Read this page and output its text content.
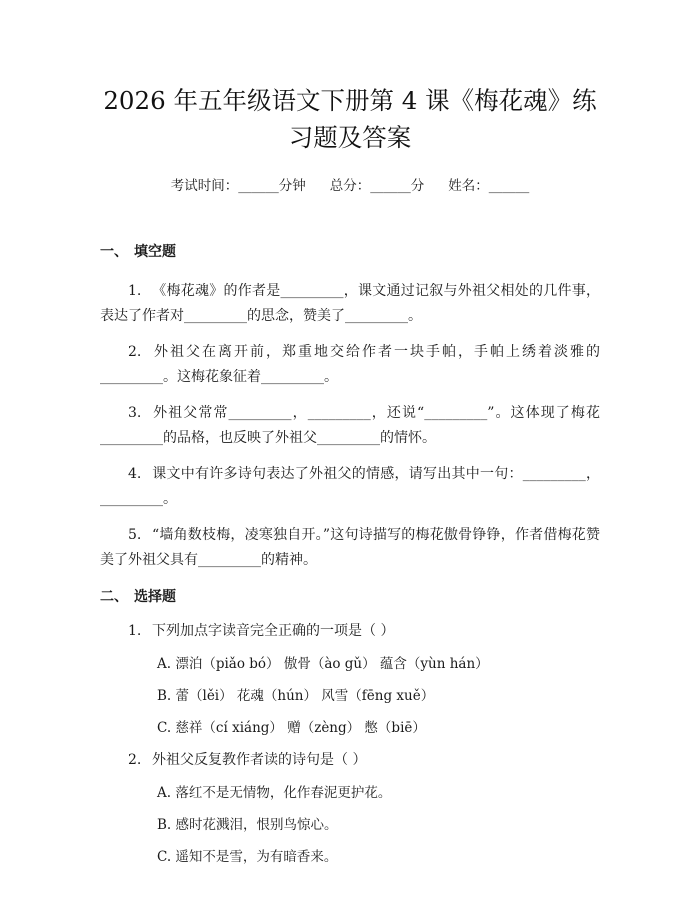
2026 年五年级语文下册第 4 课《梅花魂》练
习题及答案
考试时间：______分钟 总分：______分 姓名：______
一、 填空题

1. 《梅花魂》的作者是_________，课文通过记叙与外祖父相处的几件事，表达了作者对_________的思念，赞美了_________。

2. 外祖父在离开前，郑重地交给作者一块手帕，手帕上绣着淡雅的_________。这梅花象征着_________。

3. 外祖父常常_________，_________，还说“_________”。这体现了梅花_________的品格，也反映了外祖父_________的情怀。

4. 课文中有许多诗句表达了外祖父的情感，请写出其中一句：_________，_________。

5. “墙角数枝梅，凌寒独自开。”这句诗描写的梅花傲骨铮铮，作者借梅花赞美了外祖父具有_________的精神。

二、 选择题

1. 下列加点字读音完全正确的一项是（ ）

A. 漂泊（piǎo bó） 傲骨（ào gǔ） 蕴含（yùn hán）

B. 蕾（lěi） 花魂（hún） 风雪（fēng xuě）

C. 慈祥（cí xiáng） 赠（zèng） 憋（biē）

2. 外祖父反复教作者读的诗句是（ ）

A. 落红不是无情物，化作春泥更护花。

B. 感时花溅泪，恨别鸟惊心。

C. 遥知不是雪，为有暗香来。
